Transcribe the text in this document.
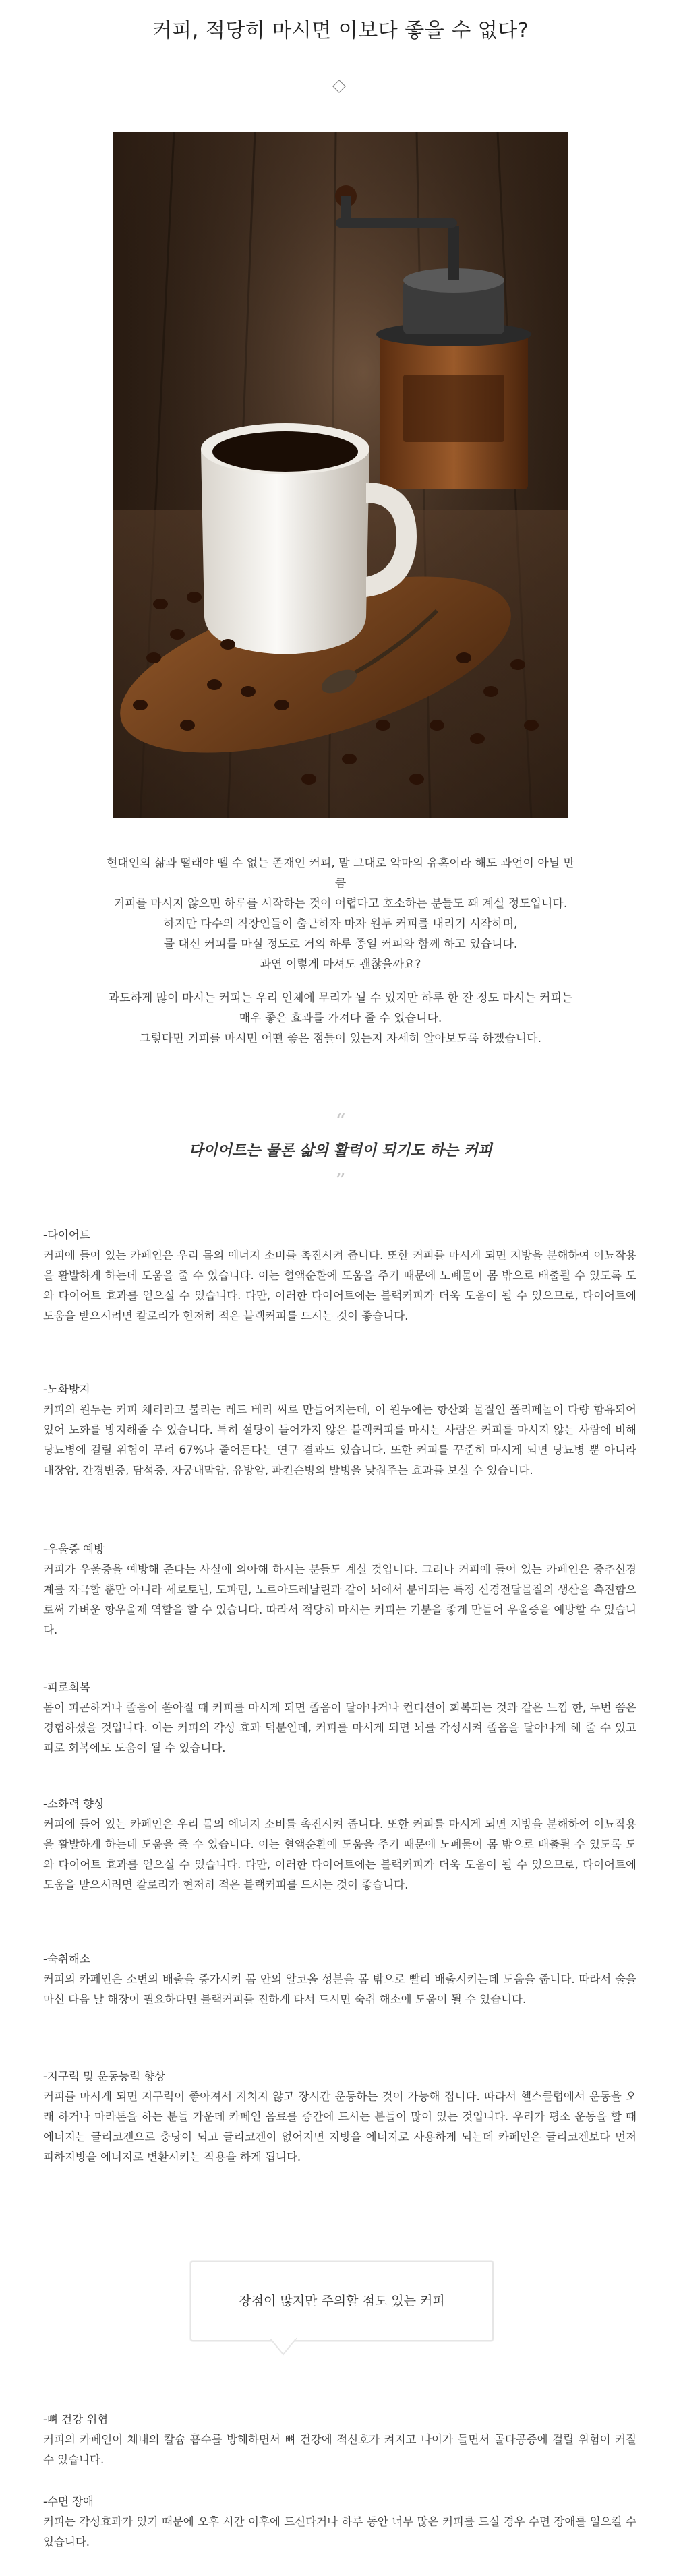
커피, 적당히 마시면 이보다 좋을 수 없다?

현대인의 삶과 떨래야 뗄 수 없는 존재인 커피, 말 그대로 악마의 유혹이라 해도 과언이 아닐 만큼

커피를 마시지 않으면 하루를 시작하는 것이 어렵다고 호소하는 분들도 꽤 계실 정도입니다.

하지만 다수의 직장인들이 출근하자 마자 원두 커피를 내리기 시작하며,

물 대신 커피를 마실 정도로 거의 하루 종일 커피와 함께 하고 있습니다.

과연 이렇게 마셔도 괜찮을까요?

과도하게 많이 마시는 커피는 우리 인체에 무리가 될 수 있지만 하루 한 잔 정도 마시는 커피는

매우 좋은 효과를 가져다 줄 수 있습니다.

그렇다면 커피를 마시면 어떤 좋은 점들이 있는지 자세히 알아보도록 하겠습니다.

“
다이어트는 물론 삶의 활력이 되기도 하는 커피
”
-다이어트

커피에 들어 있는 카페인은 우리 몸의 에너지 소비를 촉진시켜 줍니다. 또한 커피를 마시게 되면 지방을 분해하여 이뇨작용을 활발하게 하는데 도움을 줄 수 있습니다. 이는 혈액순환에 도움을 주기 때문에 노폐물이 몸 밖으로 배출될 수 있도록 도와 다이어트 효과를 얻으실 수 있습니다. 다만, 이러한 다이어트에는 블랙커피가 더욱 도움이 될 수 있으므로, 다이어트에 도움을 받으시려면 칼로리가 현저히 적은 블랙커피를 드시는 것이 좋습니다.

-노화방지

커피의 원두는 커피 체리라고 불리는 레드 베리 씨로 만들어지는데, 이 원두에는 항산화 물질인 폴리페놀이 다량 함유되어 있어 노화를 방지해줄 수 있습니다. 특히 설탕이 들어가지 않은 블랙커피를 마시는 사람은 커피를 마시지 않는 사람에 비해 당뇨병에 걸릴 위험이 무려 67%나 줄어든다는 연구 결과도 있습니다. 또한 커피를 꾸준히 마시게 되면 당뇨병 뿐 아니라 대장암, 간경변증, 담석증, 자궁내막암, 유방암, 파킨슨병의 발병을 낮춰주는 효과를 보실 수 있습니다.

-우울증 예방

커피가 우울증을 예방해 준다는 사실에 의아해 하시는 분들도 계실 것입니다. 그러나 커피에 들어 있는 카페인은 중추신경계를 자극할 뿐만 아니라 세로토닌, 도파민, 노르아드레날린과 같이 뇌에서 분비되는 특정 신경전달물질의 생산을 촉진함으로써 가벼운 항우울제 역할을 할 수 있습니다. 따라서 적당히 마시는 커피는 기분을 좋게 만들어 우울증을 예방할 수 있습니다.

-피로회복

몸이 피곤하거나 졸음이 쏟아질 때 커피를 마시게 되면 졸음이 달아나거나 컨디션이 회복되는 것과 같은 느낌 한, 두번 쯤은 경험하셨을 것입니다. 이는 커피의 각성 효과 덕분인데, 커피를 마시게 되면 뇌를 각성시켜 졸음을 달아나게 해 줄 수 있고 피로 회복에도 도움이 될 수 있습니다.

-소화력 향상

커피에 들어 있는 카페인은 우리 몸의 에너지 소비를 촉진시켜 줍니다. 또한 커피를 마시게 되면 지방을 분해하여 이뇨작용을 활발하게 하는데 도움을 줄 수 있습니다. 이는 혈액순환에 도움을 주기 때문에 노폐물이 몸 밖으로 배출될 수 있도록 도와 다이어트 효과를 얻으실 수 있습니다. 다만, 이러한 다이어트에는 블랙커피가 더욱 도움이 될 수 있으므로, 다이어트에 도움을 받으시려면 칼로리가 현저히 적은 블랙커피를 드시는 것이 좋습니다.

-숙취해소

커피의 카페인은 소변의 배출을 증가시켜 몸 안의 알코올 성분을 몸 밖으로 빨리 배출시키는데 도움을 줍니다. 따라서 술을 마신 다음 날 해장이 필요하다면 블랙커피를 진하게 타서 드시면 숙취 해소에 도움이 될 수 있습니다.

-지구력 및 운동능력 향상

커피를 마시게 되면 지구력이 좋아져서 지치지 않고 장시간 운동하는 것이 가능해 집니다. 따라서 헬스클럽에서 운동을 오래 하거나 마라톤을 하는 분들 가운데 카페인 음료를 중간에 드시는 분들이 많이 있는 것입니다. 우리가 평소 운동을 할 때 에너지는 글리코겐으로 충당이 되고 글리코겐이 없어지면 지방을 에너지로 사용하게 되는데 카페인은 글리코겐보다 먼저 피하지방을 에너지로 변환시키는 작용을 하게 됩니다.

장점이 많지만 주의할 점도 있는 커피
-뼈 건강 위협

커피의 카페인이 체내의 칼슘 흡수를 방해하면서 뼈 건강에 적신호가 켜지고 나이가 들면서 골다공증에 걸릴 위험이 커질 수 있습니다.

-수면 장애

커피는 각성효과가 있기 때문에 오후 시간 이후에 드신다거나 하루 동안 너무 많은 커피를 드실 경우 수면 장애를 일으킬 수 있습니다.
